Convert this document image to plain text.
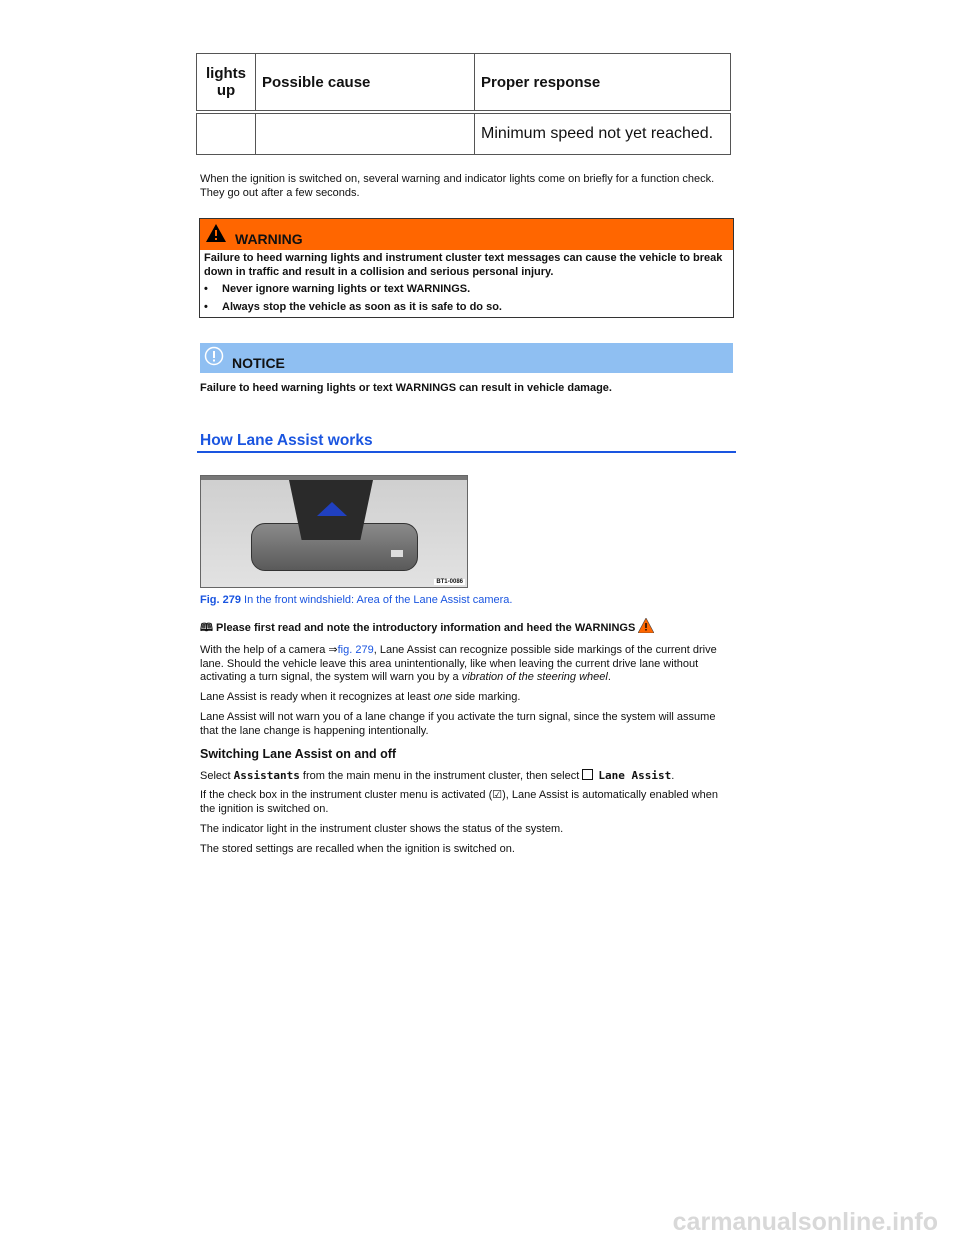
lights up	Possible cause	Proper response
		Minimum speed not yet reached.
When the ignition is switched on, several warning and indicator lights come on briefly for a function check. They go out after a few seconds.
WARNING
Failure to heed warning lights and instrument cluster text messages can cause the vehicle to break down in traffic and result in a collision and serious personal injury.
• Never ignore warning lights or text WARNINGS.
• Always stop the vehicle as soon as it is safe to do so.
NOTICE
Failure to heed warning lights or text WARNINGS can result in vehicle damage.
How Lane Assist works
BT1-0086
Fig. 279 In the front windshield: Area of the Lane Assist camera.
🕮 Please first read and note the introductory information and heed the WARNINGS
With the help of a camera ⇒fig. 279, Lane Assist can recognize possible side markings of the current drive lane. Should the vehicle leave this area unintentionally, like when leaving the current drive lane without activating a turn signal, the system will warn you by a vibration of the steering wheel.
Lane Assist is ready when it recognizes at least one side marking.
Lane Assist will not warn you of a lane change if you activate the turn signal, since the system will assume that the lane change is happening intentionally.
Switching Lane Assist on and off
Select Assistants from the main menu in the instrument cluster, then select Lane Assist.
If the check box in the instrument cluster menu is activated (☑), Lane Assist is automatically enabled when the ignition is switched on.
The indicator light in the instrument cluster shows the status of the system.
The stored settings are recalled when the ignition is switched on.
carmanualsonline.info
